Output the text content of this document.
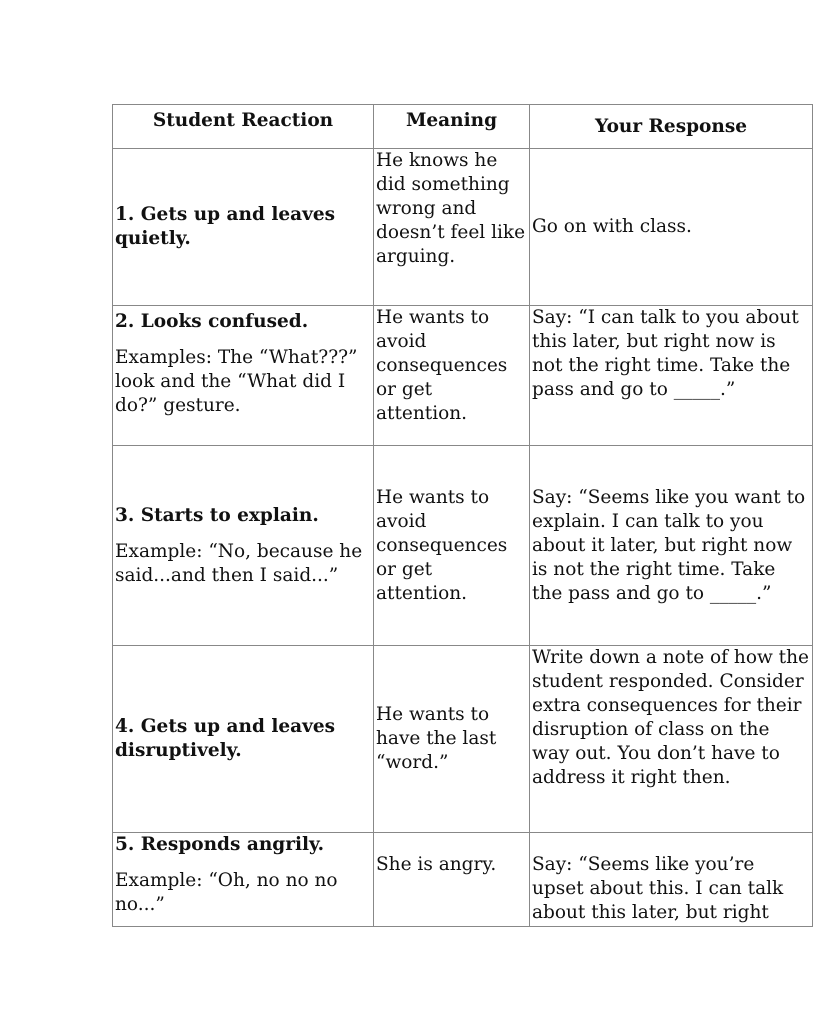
Student Reaction	Meaning	Your Response

1. Gets up and leaves quietly.	He knows he did something wrong and doesn’t feel like arguing.	Go on with class.

2. Looks confused.
Examples: The “What???” look and the “What did I do?” gesture.	He wants to avoid consequences or get attention.	Say: “I can talk to you about this later, but right now is not the right time. Take the pass and go to _____.”

3. Starts to explain.
Example: “No, because he said...and then I said...”	He wants to avoid consequences or get attention.	Say: “Seems like you want to explain. I can talk to you about it later, but right now is not the right time. Take the pass and go to _____.”

4. Gets up and leaves disruptively.	He wants to have the last “word.”	Write down a note of how the student responded. Consider extra consequences for their disruption of class on the way out. You don’t have to address it right then.

5. Responds angrily.
Example: “Oh, no no no no...”	She is angry.	Say: “Seems like you’re upset about this. I can talk about this later, but right
